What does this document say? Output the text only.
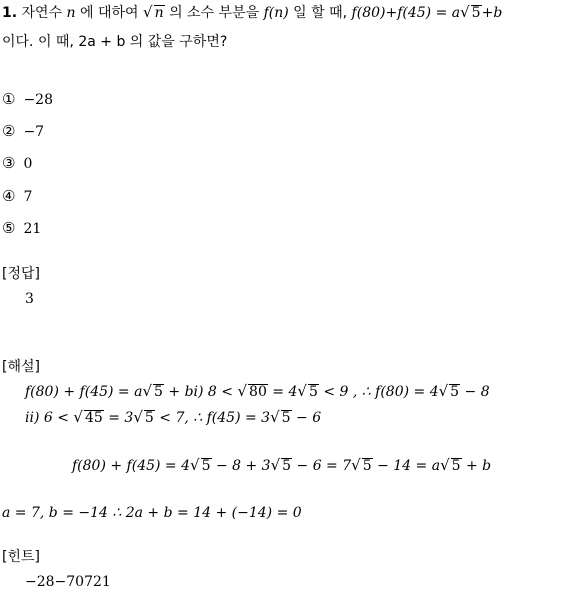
1. 자연수 n 에 대하여 √ n 의 소수 부분을 f(n) 일 할 때, f(80)+f(45) = a√ 5+b
이다. 이 때, 2a + b 의 값을 구하면?
① −28
② −7
③ 0
④ 7
⑤ 21
[정답]
3
[해설]
f(80) + f(45) = a√ 5 + bi) 8 < √ 80 = 4√ 5 < 9 , ∴ f(80) = 4√ 5 − 8
ii) 6 < √ 45 = 3√ 5 < 7, ∴ f(45) = 3√ 5 − 6
f(80) + f(45) = 4√ 5 − 8 + 3√ 5 − 6 = 7√ 5 − 14 = a√ 5 + b
a = 7, b = −14 ∴ 2a + b = 14 + (−14) = 0
[힌트]
−28−70721
